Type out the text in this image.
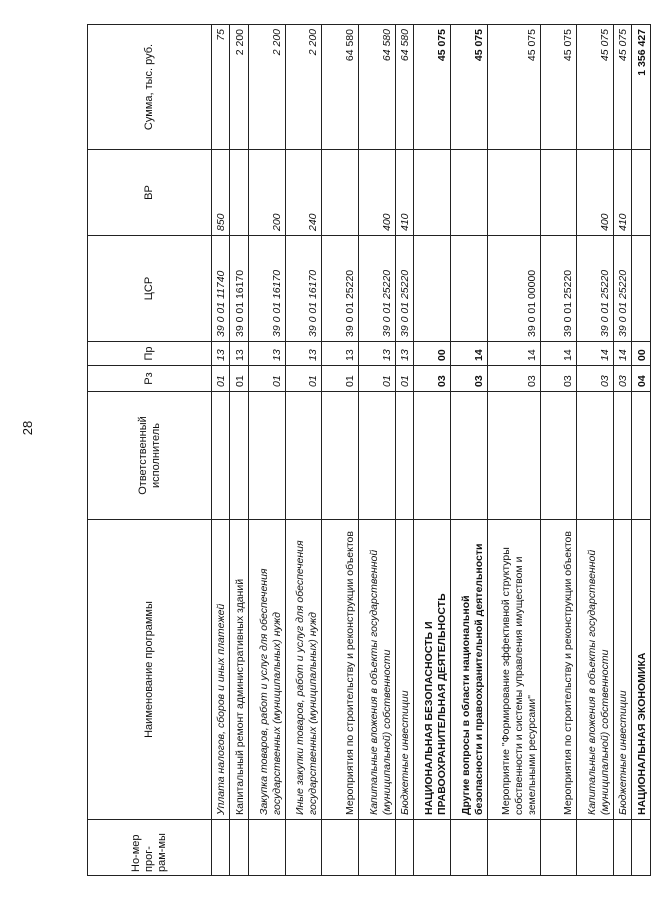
28
Но-мер прог-рам-мы	Наименование программы	Ответственный исполнитель	Рз	Пр	ЦСР	ВР	Сумма, тыс. руб.
	Уплата налогов, сборов и иных платежей		01	13	39 0 01 11740	850	75
	Капитальный ремонт административных зданий		01	13	39 0 01 16170		2 200
	Закупка товаров, работ и услуг для обеспечения государственных (муниципальных) нужд		01	13	39 0 01 16170	200	2 200
	Иные закупки товаров, работ и услуг для обеспечения государственных (муниципальных) нужд		01	13	39 0 01 16170	240	2 200
	Мероприятия по строительству и реконструкции объектов		01	13	39 0 01 25220		64 580
	Капитальные вложения в объекты государственной (муниципальной) собственности		01	13	39 0 01 25220	400	64 580
	Бюджетные инвестиции		01	13	39 0 01 25220	410	64 580
	НАЦИОНАЛЬНАЯ БЕЗОПАСНОСТЬ И ПРАВООХРАНИТЕЛЬНАЯ ДЕЯТЕЛЬНОСТЬ		03	00			45 075
	Другие вопросы в области национальной безопасности и правоохранительной деятельности		03	14			45 075
	Мероприятие "Формирование эффективной структуры собственности и системы управления имуществом и земельными ресурсами"		03	14	39 0 01 00000		45 075
	Мероприятия по строительству и реконструкции объектов		03	14	39 0 01 25220		45 075
	Капитальные вложения в объекты государственной (муниципальной) собственности		03	14	39 0 01 25220	400	45 075
	Бюджетные инвестиции		03	14	39 0 01 25220	410	45 075
	НАЦИОНАЛЬНАЯ ЭКОНОМИКА		04	00			1 356 427
